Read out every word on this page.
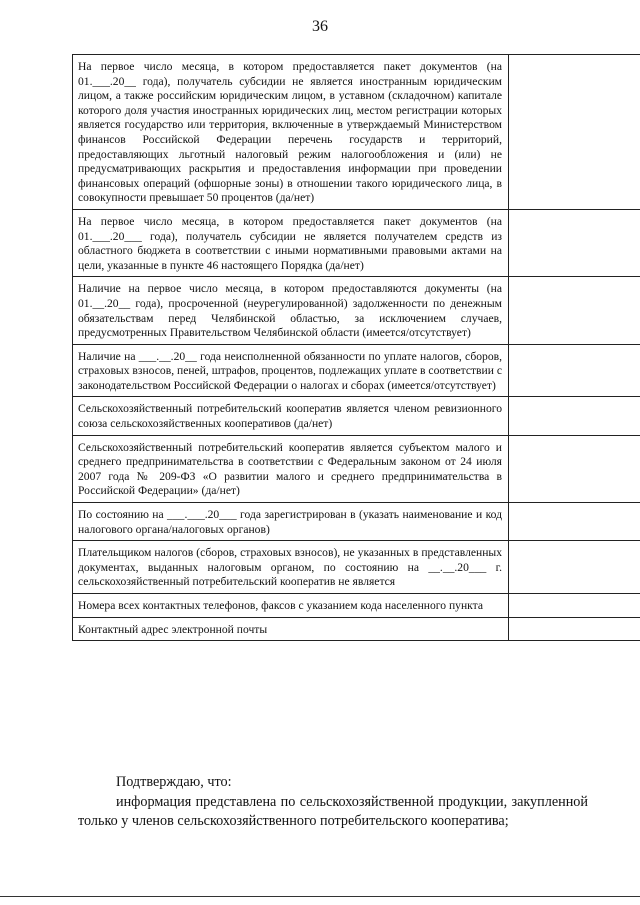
36
На первое число месяца, в котором предоставляется пакет документов (на 01.___.20__ года), получатель субсидии не является иностранным юридическим лицом, а также российским юридическим лицом, в уставном (складочном) капитале которого доля участия иностранных юридических лиц, местом регистрации которых является государство или территория, включенные в утверждаемый Министерством финансов Российской Федерации перечень государств и территорий, предоставляющих льготный налоговый режим налогообложения и (или) не предусматривающих раскрытия и предоставления информации при проведении финансовых операций (офшорные зоны) в отношении такого юридического лица, в совокупности превышает 50 процентов (да/нет)	
На первое число месяца, в котором предоставляется пакет документов (на 01.___.20___ года), получатель субсидии не является получателем средств из областного бюджета в соответствии с иными нормативными правовыми актами на цели, указанные в пункте 46 настоящего Порядка (да/нет)	
Наличие на первое число месяца, в котором предоставляются документы (на 01.__.20__ года), просроченной (неурегулированной) задолженности по денежным обязательствам перед Челябинской областью, за исключением случаев, предусмотренных Правительством Челябинской области (имеется/отсутствует)	
Наличие на ___.__.20__ года неисполненной обязанности по уплате налогов, сборов, страховых взносов, пеней, штрафов, процентов, подлежащих уплате в соответствии с законодательством Российской Федерации о налогах и сборах (имеется/отсутствует)	
Сельскохозяйственный потребительский кооператив является членом ревизионного союза сельскохозяйственных кооперативов (да/нет)	
Сельскохозяйственный потребительский кооператив является субъектом малого и среднего предпринимательства в соответствии с Федеральным законом от 24 июля 2007 года № 209-ФЗ «О развитии малого и среднего предпринимательства в Российской Федерации» (да/нет)	
По состоянию на ___.___.20___ года зарегистрирован в (указать наименование и код налогового органа/налоговых органов)	
Плательщиком налогов (сборов, страховых взносов), не указанных в представленных документах, выданных налоговым органом, по состоянию на __.__.20___ г. сельскохозяйственный потребительский кооператив не является	
Номера всех контактных телефонов, факсов с указанием кода населенного пункта	
Контактный адрес электронной почты	

Подтверждаю, что:

информация представлена по сельскохозяйственной продукции, закупленной только у членов сельскохозяйственного потребительского кооператива;
